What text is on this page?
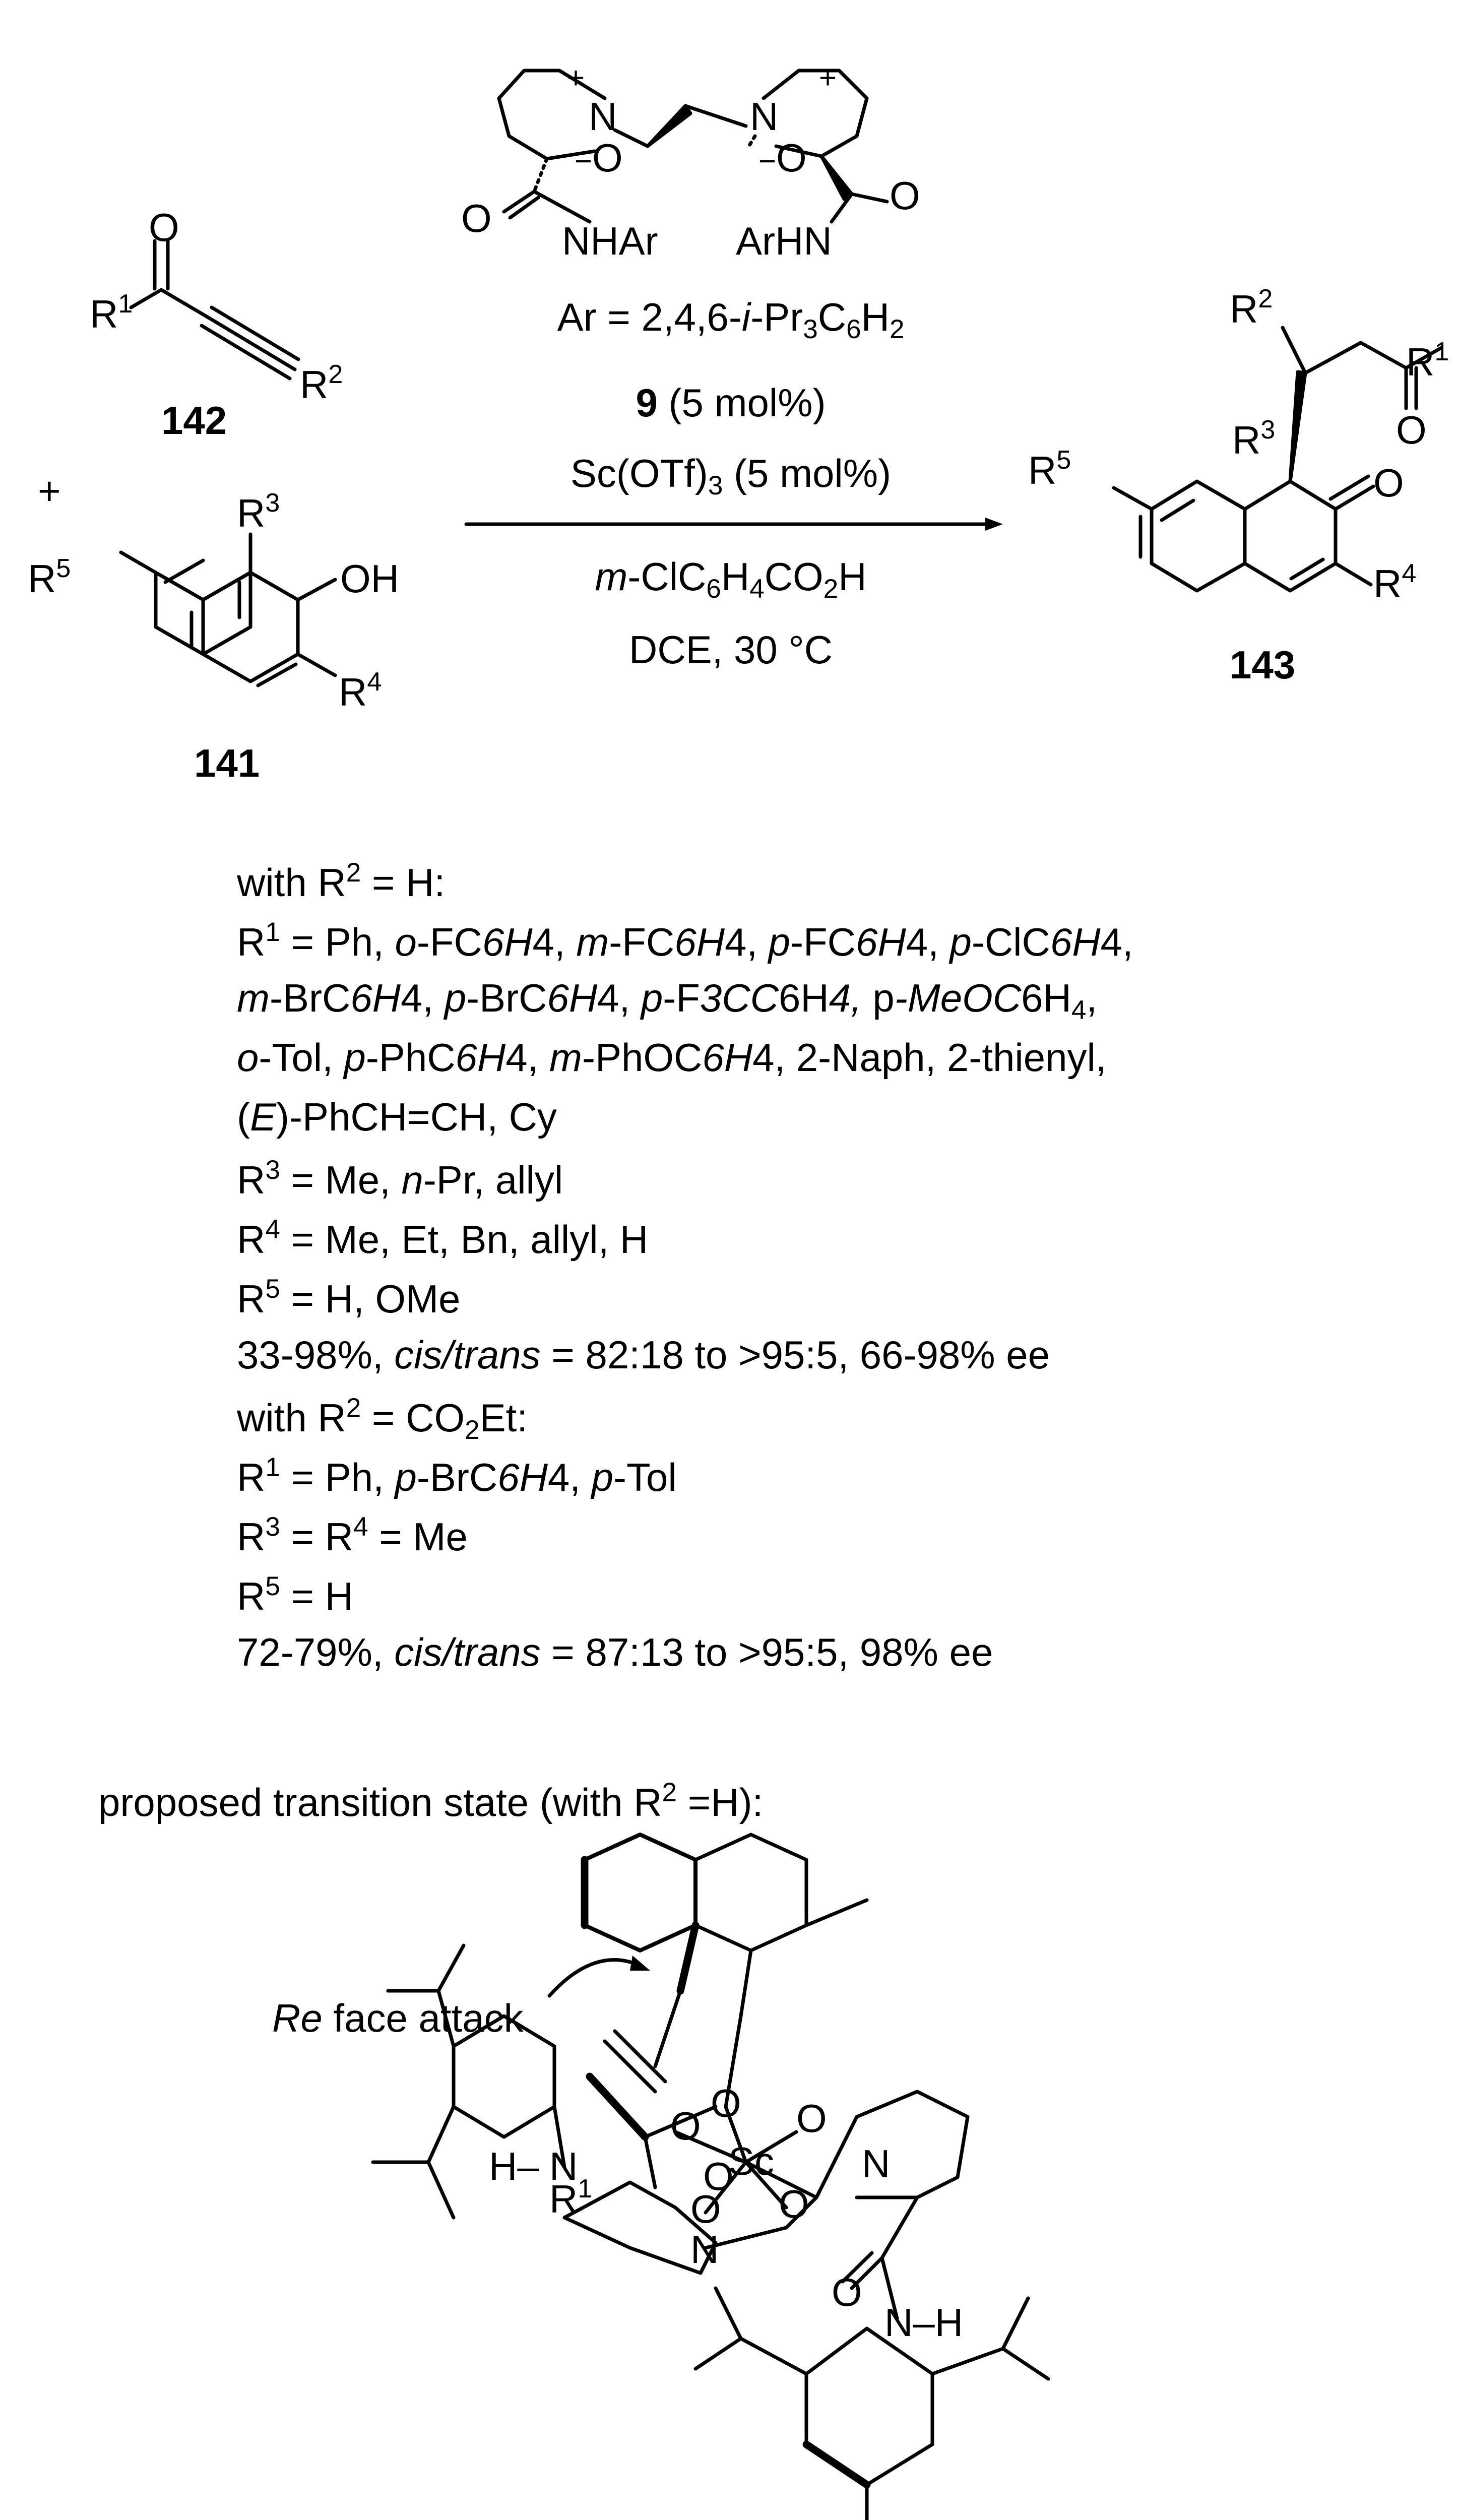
O
$R^1$
$R^2$
$R^3$
OH
$R^4$
$R^5$
N
+
−O
O
NHAr
N
+
−O
O
ArHN
$R^2$
$R^1$
O
$R^3$
O
$R^4$
$R^5$
Sc
O O
N
O
O O
O
N
H–
$R^1$
N
O
N–H
142
+
141
143
$Ar = 2,4,6-i-Pr_3C_6H_2$
9 (5 mol%)
$Sc(OTf)_3$ (5 mol%)
$m-ClC_6H_4CO_2H$
DCE, 30 °C
with $R^2 = H$:
$R^1 = Ph$, o-FC6H4, m-FC6H4, p-FC6H4, p-ClC6H4,
m-BrC6H4, p-BrC6H4, p-F3CC6H4, $p-MeOC6H_4$,
o-Tol, p-PhC6H4, m-PhOC6H4, 2-Naph, 2-thienyl,
(E)-PhCH=CH, Cy
$R^3 = Me$, n-Pr, allyl
$R^4 = Me$, Et, Bn, allyl, H
$R^5 = H$, OMe
33-98%, cis/trans = 82:18 to >95:5, 66-98% ee
with $R^2 = CO_2Et$:
$R^1 = Ph$, p-BrC6H4, p-Tol
$R^3 = R^4 = Me$
$R^5 = H$
72-79%, cis/trans = 87:13 to >95:5, 98% ee
proposed transition state (with $R^2 =H$):
Re face attack
